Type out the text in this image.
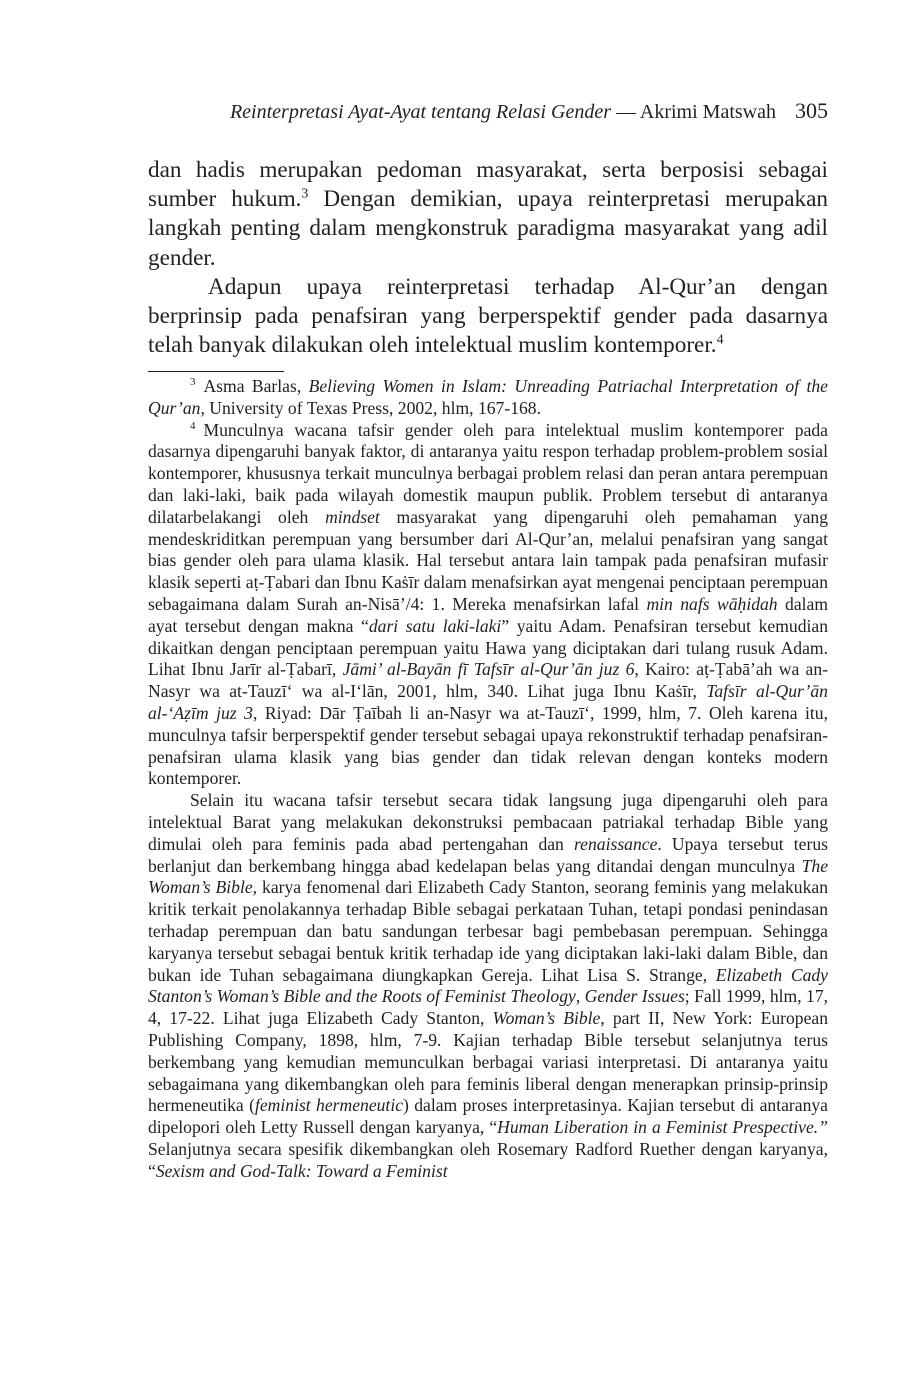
Reinterpretasi Ayat-Ayat tentang Relasi Gender — Akrimi Matswah 305

dan hadis merupakan pedoman masyarakat, serta berposisi sebagai sumber hukum.$^3$ Dengan demikian, upaya reinterpretasi merupakan langkah penting dalam mengkonstruk paradigma masyarakat yang adil gender.

Adapun upaya reinterpretasi terhadap Al-Qur’an dengan berprinsip pada penafsiran yang berperspektif gender pada dasarnya telah banyak dilakukan oleh intelektual muslim kontemporer.$^4$

$^3$ Asma Barlas, Believing Women in Islam: Unreading Patriachal Interpretation of the Qur’an, University of Texas Press, 2002, hlm, 167-168.

$^4$ Munculnya wacana tafsir gender oleh para intelektual muslim kontemporer pada dasarnya dipengaruhi banyak faktor, di antaranya yaitu respon terhadap problem-problem sosial kontemporer, khususnya terkait munculnya berbagai problem relasi dan peran antara perempuan dan laki-laki, baik pada wilayah domestik maupun publik. Problem tersebut di antaranya dilatarbelakangi oleh mindset masyarakat yang dipengaruhi oleh pemahaman yang mendeskriditkan perempuan yang bersumber dari Al-Qur’an, melalui penafsiran yang sangat bias gender oleh para ulama klasik. Hal tersebut antara lain tampak pada penafsiran mufasir klasik seperti aṭ-Ṭabari dan Ibnu Kaṡīr dalam menafsirkan ayat mengenai penciptaan perempuan sebagaimana dalam Surah an-Nisā’/4: 1. Mereka menafsirkan lafal min nafs wāḥidah dalam ayat tersebut dengan makna “dari satu laki-laki” yaitu Adam. Penafsiran tersebut kemudian dikaitkan dengan penciptaan perempuan yaitu Hawa yang diciptakan dari tulang rusuk Adam. Lihat Ibnu Jarīr al-Ṭabarī, Jāmi’ al-Bayān fī Tafsīr al-Qur’ān juz 6, Kairo: aṭ-Ṭabā’ah wa an-Nasyr wa at-Tauzī‘ wa al-I‘lān, 2001, hlm, 340. Lihat juga Ibnu Kaṡīr, Tafsīr al-Qur’ān al-‘Aẓīm juz 3, Riyad: Dār Ṭaībah li an-Nasyr wa at-Tauzī‘, 1999, hlm, 7. Oleh karena itu, munculnya tafsir berperspektif gender tersebut sebagai upaya rekonstruktif terhadap penafsiran-penafsiran ulama klasik yang bias gender dan tidak relevan dengan konteks modern kontemporer.

Selain itu wacana tafsir tersebut secara tidak langsung juga dipengaruhi oleh para intelektual Barat yang melakukan dekonstruksi pembacaan patriakal terhadap Bible yang dimulai oleh para feminis pada abad pertengahan dan renaissance. Upaya tersebut terus berlanjut dan berkembang hingga abad kedelapan belas yang ditandai dengan munculnya The Woman’s Bible, karya fenomenal dari Elizabeth Cady Stanton, seorang feminis yang melakukan kritik terkait penolakannya terhadap Bible sebagai perkataan Tuhan, tetapi pondasi penindasan terhadap perempuan dan batu sandungan terbesar bagi pembebasan perempuan. Sehingga karyanya tersebut sebagai bentuk kritik terhadap ide yang diciptakan laki-laki dalam Bible, dan bukan ide Tuhan sebagaimana diungkapkan Gereja. Lihat Lisa S. Strange, Elizabeth Cady Stanton’s Woman’s Bible and the Roots of Feminist Theology, Gender Issues; Fall 1999, hlm, 17, 4, 17-22. Lihat juga Elizabeth Cady Stanton, Woman’s Bible, part II, New York: European Publishing Company, 1898, hlm, 7-9. Kajian terhadap Bible tersebut selanjutnya terus berkembang yang kemudian memunculkan berbagai variasi interpretasi. Di antaranya yaitu sebagaimana yang dikembangkan oleh para feminis liberal dengan menerapkan prinsip-prinsip hermeneutika (feminist hermeneutic) dalam proses interpretasinya. Kajian tersebut di antaranya dipelopori oleh Letty Russell dengan karyanya, “Human Liberation in a Feminist Prespective.” Selanjutnya secara spesifik dikembangkan oleh Rosemary Radford Ruether dengan karyanya, “Sexism and God-Talk: Toward a Feminist
